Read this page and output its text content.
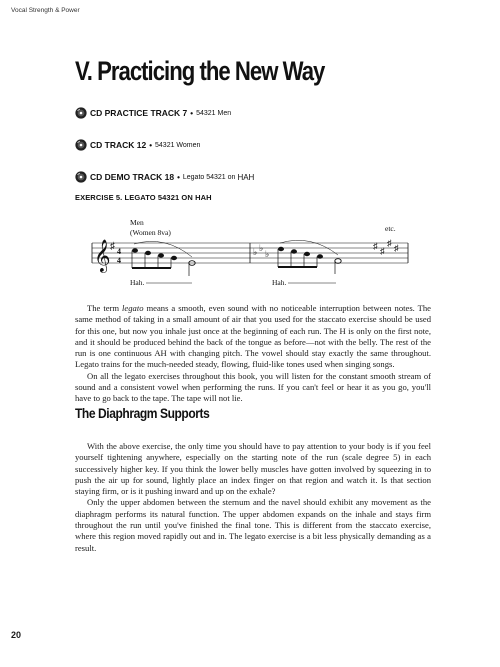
Vocal Strength & Power
V. Practicing the New Way
CD PRACTICE TRACK 7 • 54321 Men
CD TRACK 12 • 54321 Women
CD DEMO TRACK 18 • Legato 54321 on HAH
EXERCISE 5. LEGATO 54321 ON HAH
Men
(Women 8va)	etc.
𝄞 ♯ 4
4
Hah.
♭ ♭
♭
Hah.
♯ ♯
♯ ♯

The term legato means a smooth, even sound with no noticeable interruption between notes. The same method of taking in a small amount of air that you used for the staccato exercise should be used for this one, but now you inhale just once at the beginning of each run. The H is only on the first note, and it should be produced behind the back of the tongue as before—not with the belly. The rest of the run is one continuous AH with changing pitch. The vowel should stay exactly the same throughout. Legato trains for the much-needed steady, flowing, fluid-like tones used when singing songs.

On all the legato exercises throughout this book, you will listen for the constant smooth stream of sound and a consistent vowel when performing the runs. If you can't feel or hear it as you go, you'll have to go back to the tape. The tape will not lie.

The Diaphragm Supports

With the above exercise, the only time you should have to pay attention to your body is if you feel yourself tightening anywhere, especially on the starting note of the run (scale degree 5) in each successively higher key. If you think the lower belly muscles have gotten involved by squeezing in to push the air up for sound, lightly place an index finger on that region and watch it. Is that section staying firm, or is it pushing inward and up on the exhale?

Only the upper abdomen between the sternum and the navel should exhibit any movement as the diaphragm performs its natural function. The upper abdomen expands on the inhale and stays firm throughout the run until you've finished the final tone. This is different from the staccato exercise, where this region moved rapidly out and in. The legato exercise is a bit less physically demanding as a result.

20
